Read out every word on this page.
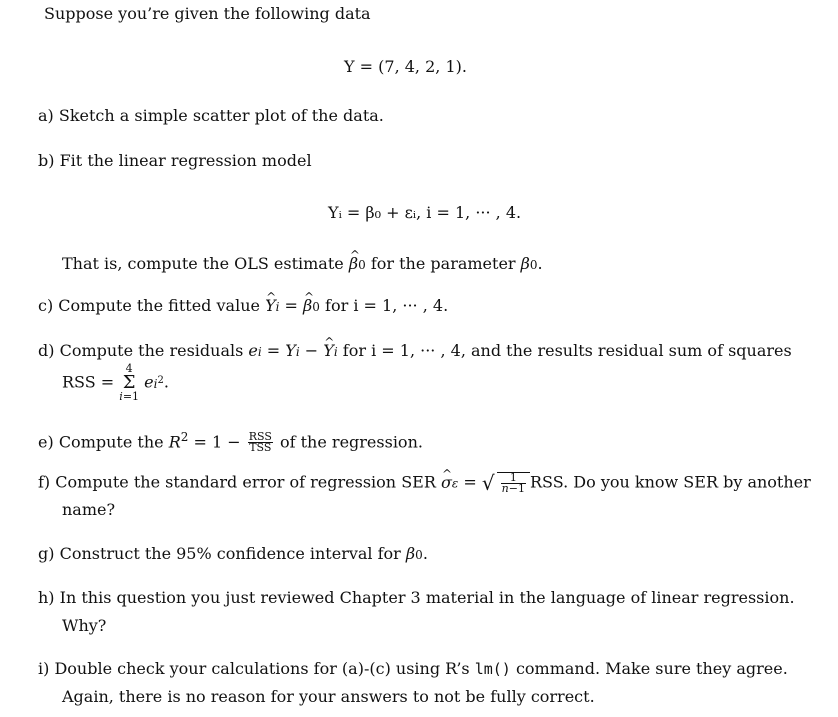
Suppose you’re given the following data
Y = (7, 4, 2, 1).
a) Sketch a simple scatter plot of the data.
b) Fit the linear regression model
Yᵢ = β₀ + εᵢ, i = 1, ··· , 4.
That is, compute the OLS estimate β ^0 for the parameter β0.
c) Compute the fitted value Y ^i = β ^0 for i = 1, ··· , 4.
d) Compute the residuals ei = Yi − Y ^i for i = 1, ··· , 4, and the results residual sum of squares
RSS =
4
Σ
i=1
$ei^2$.
e) Compute the $R^2 = 1 - \frac{\text{RSS}}{\text{TSS}}$ of the regression.
f) Compute the standard error of regression SER σ ^ε = √ $\frac{1}{n-1}$ RSS. Do you know SER by another
name?
g) Construct the 95% confidence interval for β0.
h) In this question you just reviewed Chapter 3 material in the language of linear regression.
Why?
i) Double check your calculations for (a)-(c) using R’s lm() command. Make sure they agree.
Again, there is no reason for your answers to not be fully correct.
